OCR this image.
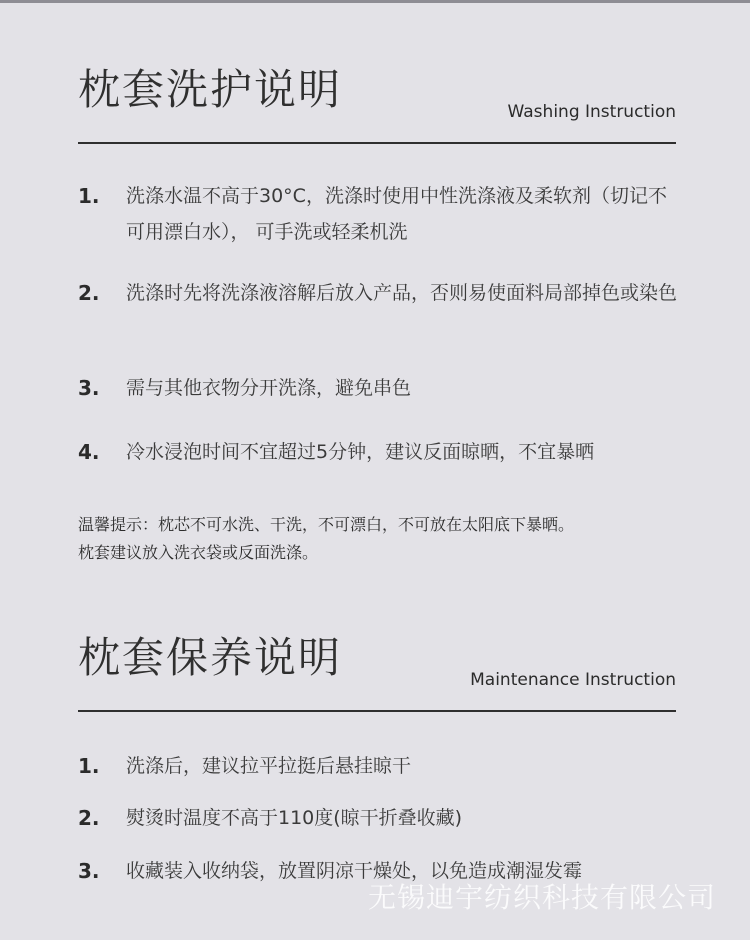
枕套洗护说明	Washing Instruction
1. 洗涤水温不高于30°C，洗涤时使用中性洗涤液及柔软剂（切记不可用漂白水）， 可手洗或轻柔机洗
2. 洗涤时先将洗涤液溶解后放入产品，否则易使面料局部掉色或染色
3. 需与其他衣物分开洗涤，避免串色
4. 冷水浸泡时间不宜超过5分钟，建议反面晾晒，不宜暴晒
温馨提示：枕芯不可水洗、干洗，不可漂白，不可放在太阳底下暴晒。
枕套建议放入洗衣袋或反面洗涤。
枕套保养说明	Maintenance Instruction
1. 洗涤后，建议拉平拉挺后悬挂晾干
2. 熨烫时温度不高于110度(晾干折叠收藏)
3. 收藏装入收纳袋，放置阴凉干燥处，以免造成潮湿发霉
无锡迪宇纺织科技有限公司
